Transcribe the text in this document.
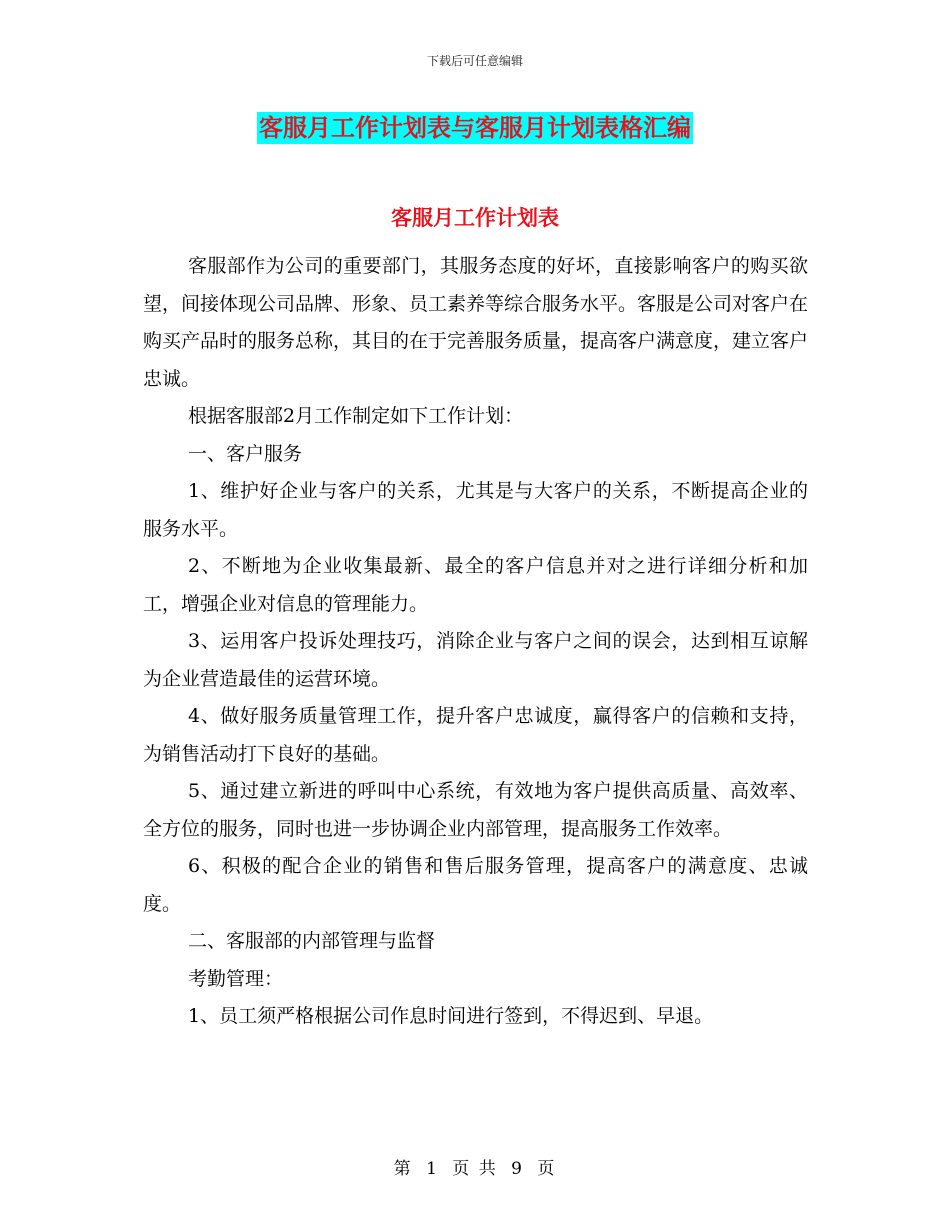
下载后可任意编辑
客服月工作计划表与客服月计划表格汇编
客服月工作计划表

客服部作为公司的重要部门，其服务态度的好坏，直接影响客户的购买欲望，间接体现公司品牌、形象、员工素养等综合服务水平。客服是公司对客户在购买产品时的服务总称，其目的在于完善服务质量，提高客户满意度，建立客户忠诚。

根据客服部2月工作制定如下工作计划：

一、客户服务

1、维护好企业与客户的关系，尤其是与大客户的关系，不断提高企业的服务水平。

2、不断地为企业收集最新、最全的客户信息并对之进行详细分析和加工，增强企业对信息的管理能力。

3、运用客户投诉处理技巧，消除企业与客户之间的误会，达到相互谅解为企业营造最佳的运营环境。

4、做好服务质量管理工作，提升客户忠诚度，赢得客户的信赖和支持，为销售活动打下良好的基础。

5、通过建立新进的呼叫中心系统，有效地为客户提供高质量、高效率、全方位的服务，同时也进一步协调企业内部管理，提高服务工作效率。

6、积极的配合企业的销售和售后服务管理，提高客户的满意度、忠诚度。

二、客服部的内部管理与监督

考勤管理：

1、员工须严格根据公司作息时间进行签到，不得迟到、早退。

第 1 页 共 9 页
